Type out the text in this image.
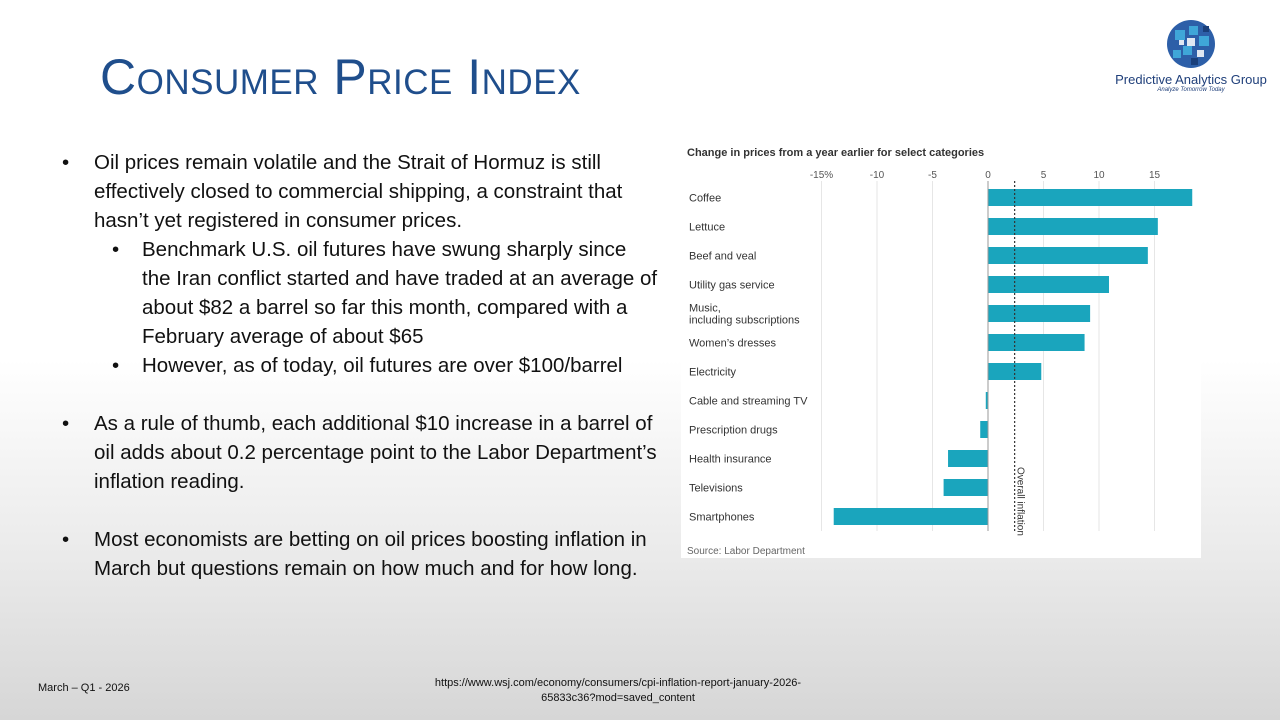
Consumer Price Index	Predictive Analytics Group
Analyze Tomorrow Today
• Oil prices remain volatile and the Strait of Hormuz is still effectively closed to commercial shipping, a constraint that hasn’t yet registered in consumer prices.
• Benchmark U.S. oil futures have swung sharply since the Iran conflict started and have traded at an average of about $82 a barrel so far this month, compared with a February average of about $65
• However, as of today, oil futures are over $100/barrel
• As a rule of thumb, each additional $10 increase in a barrel of oil adds about 0.2 percentage point to the Labor Department’s inflation reading.
• Most economists are betting on oil prices boosting inflation in March but questions remain on how much and for how long.
Change in prices from a year earlier for select categories
-15%	-10	-5	0	5	10	15
Coffee
Lettuce
Beef and veal
Utility gas service
Music,
including subscriptions
Women’s dresses
Electricity
Cable and streaming TV
Prescription drugs
Health insurance
Televisions
Smartphones	Overall inflation
Source: Labor Department
March – Q1 - 2026	https://www.wsj.com/economy/consumers/cpi-inflation-report-january-2026-
65833c36?mod=saved_content
